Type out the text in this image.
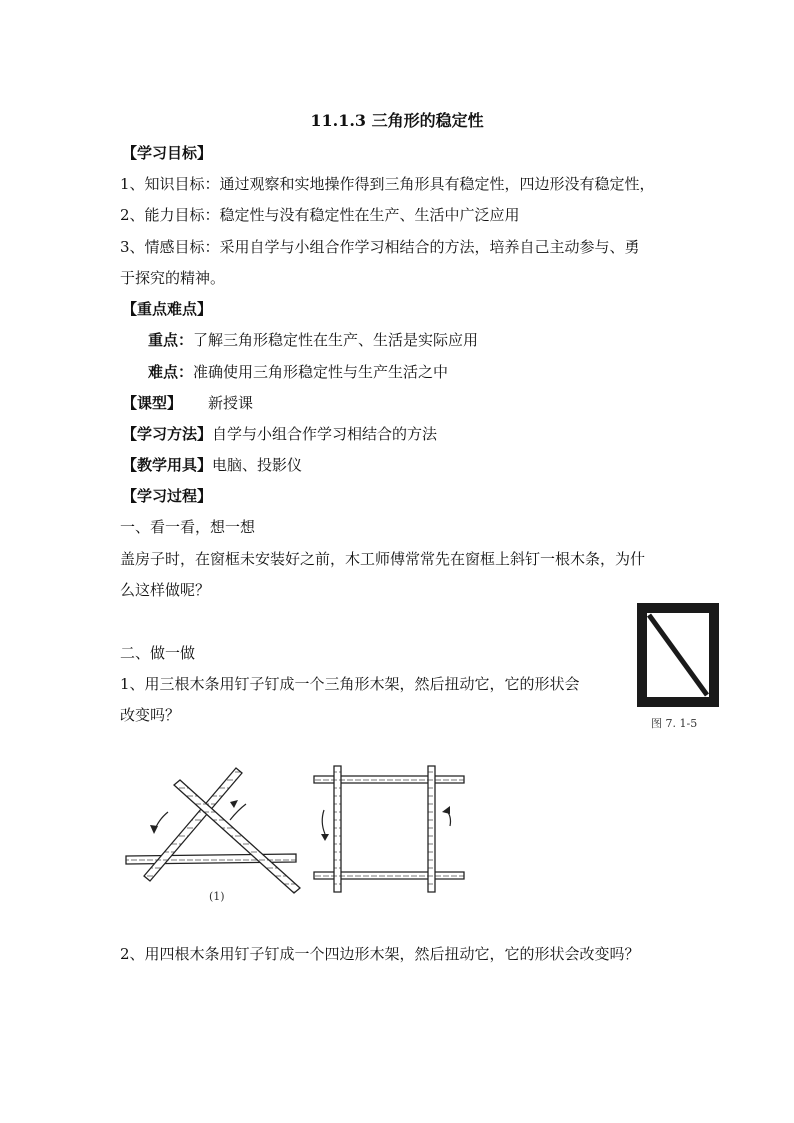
11.1.3 三角形的稳定性
【学习目标】
1、知识目标：通过观察和实地操作得到三角形具有稳定性，四边形没有稳定性，
2、能力目标：稳定性与没有稳定性在生产、生活中广泛应用
3、情感目标：采用自学与小组合作学习相结合的方法，培养自己主动参与、勇
于探究的精神。
【重点难点】
重点：了解三角形稳定性在生产、生活是实际应用
难点：准确使用三角形稳定性与生产生活之中
【课型】 新授课
【学习方法】自学与小组合作学习相结合的方法
【教学用具】电脑、投影仪
【学习过程】
一、看一看，想一想
盖房子时，在窗框未安装好之前，木工师傅常常先在窗框上斜钉一根木条，为什
么这样做呢？
二、做一做
1、用三根木条用钉子钉成一个三角形木架，然后扭动它，它的形状会
改变吗？	图 7. 1-5
(1)
2、用四根木条用钉子钉成一个四边形木架，然后扭动它，它的形状会改变吗？
